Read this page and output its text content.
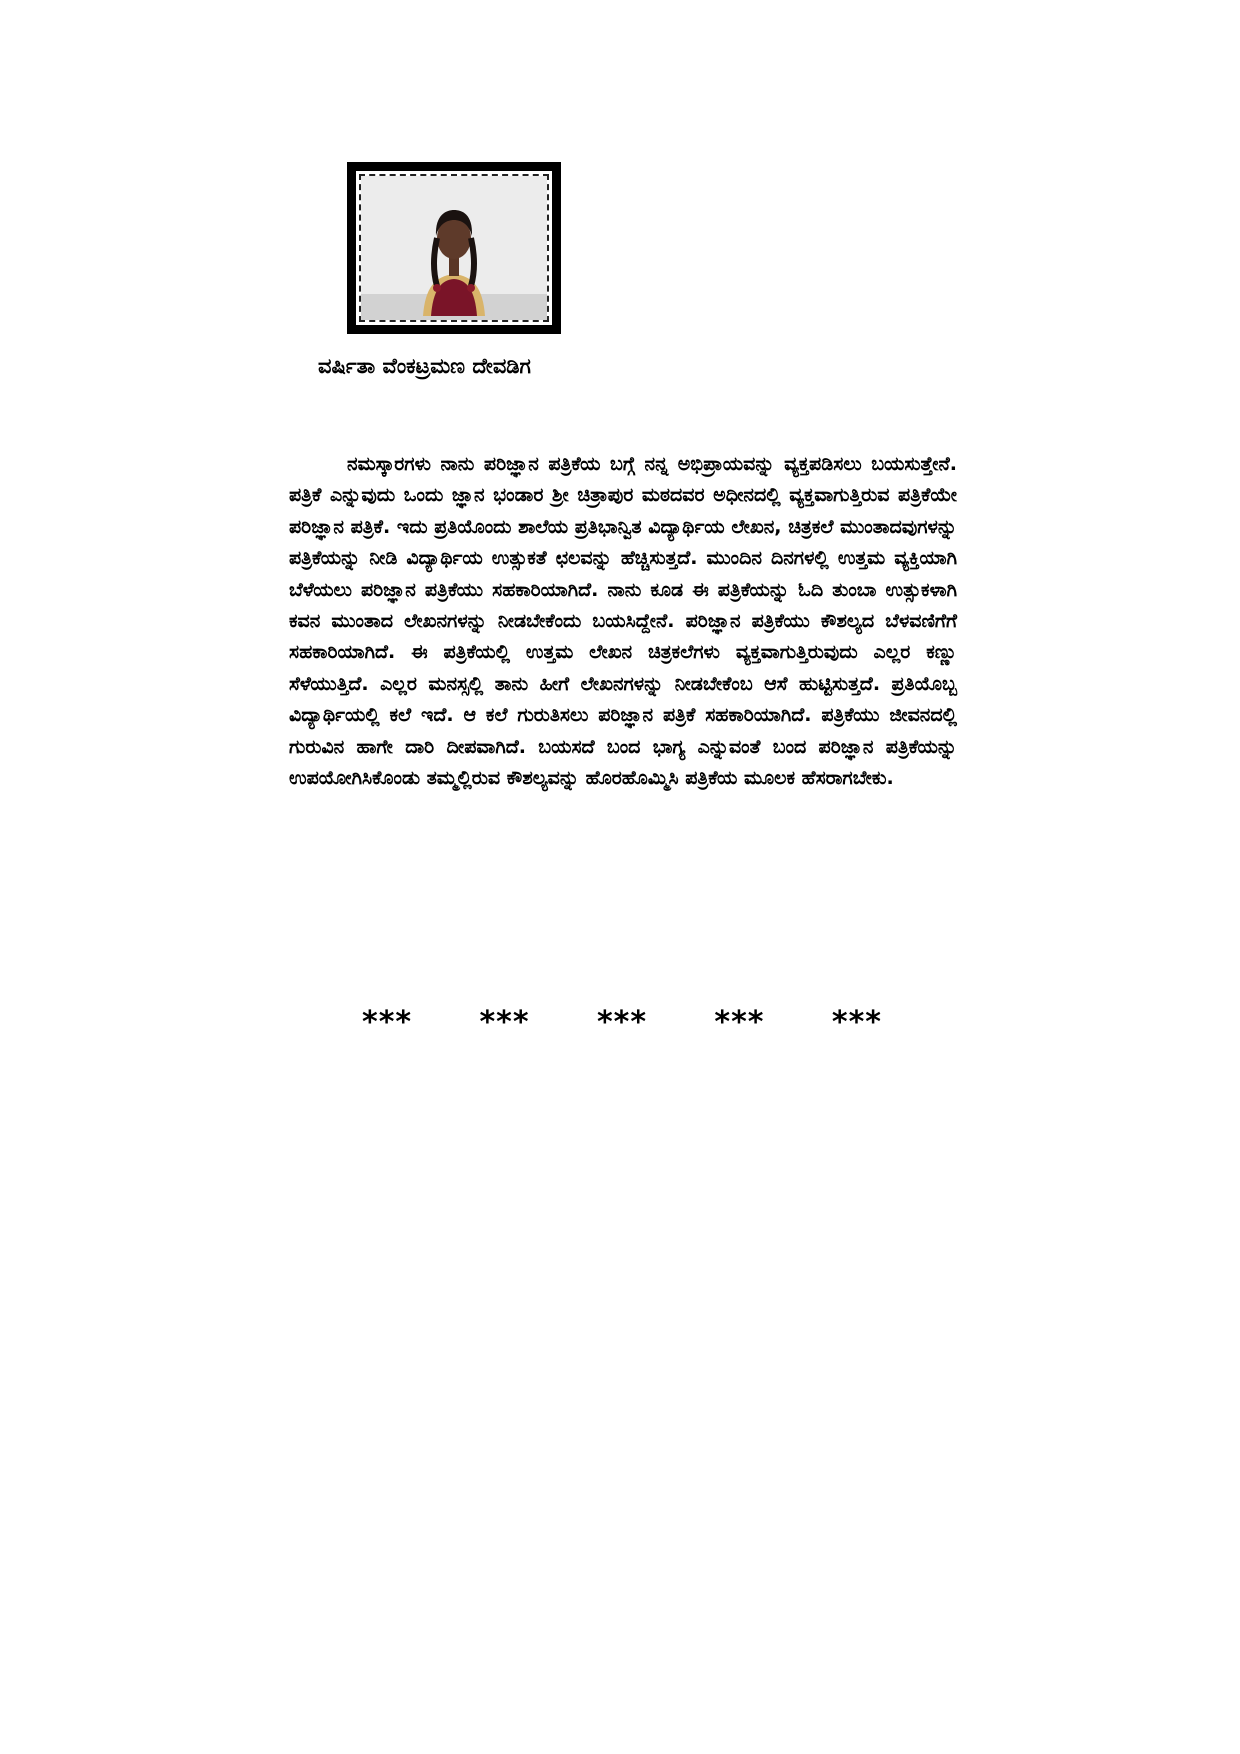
ವರ್ಷಿತಾ ವೆಂಕಟ್ರಮಣ ದೇವಡಿಗ

ನಮಸ್ಕಾರಗಳು ನಾನು ಪರಿಜ್ಞಾನ ಪತ್ರಿಕೆಯ ಬಗ್ಗೆ ನನ್ನ ಅಭಿಪ್ರಾಯವನ್ನು ವ್ಯಕ್ತಪಡಿಸಲು ಬಯಸುತ್ತೇನೆ. ಪತ್ರಿಕೆ ಎನ್ನುವುದು ಒಂದು ಜ್ಞಾನ ಭಂಡಾರ ಶ್ರೀ ಚಿತ್ರಾಪುರ ಮಠದವರ ಅಧೀನದಲ್ಲಿ ವ್ಯಕ್ತವಾಗುತ್ತಿರುವ ಪತ್ರಿಕೆಯೇ ಪರಿಜ್ಞಾನ ಪತ್ರಿಕೆ. ಇದು ಪ್ರತಿಯೊಂದು ಶಾಲೆಯ ಪ್ರತಿಭಾನ್ವಿತ ವಿದ್ಯಾರ್ಥಿಯ ಲೇಖನ, ಚಿತ್ರಕಲೆ ಮುಂತಾದವುಗಳನ್ನು ಪತ್ರಿಕೆಯನ್ನು ನೀಡಿ ವಿದ್ಯಾರ್ಥಿಯ ಉತ್ಸುಕತೆ ಛಲವನ್ನು ಹೆಚ್ಚಿಸುತ್ತದೆ. ಮುಂದಿನ ದಿನಗಳಲ್ಲಿ ಉತ್ತಮ ವ್ಯಕ್ತಿಯಾಗಿ ಬೆಳೆಯಲು ಪರಿಜ್ಞಾನ ಪತ್ರಿಕೆಯು ಸಹಕಾರಿಯಾಗಿದೆ. ನಾನು ಕೂಡ ಈ ಪತ್ರಿಕೆಯನ್ನು ಓದಿ ತುಂಬಾ ಉತ್ಸುಕಳಾಗಿ ಕವನ ಮುಂತಾದ ಲೇಖನಗಳನ್ನು ನೀಡಬೇಕೆಂದು ಬಯಸಿದ್ದೇನೆ. ಪರಿಜ್ಞಾನ ಪತ್ರಿಕೆಯು ಕೌಶಲ್ಯದ ಬೆಳವಣಿಗೆಗೆ ಸಹಕಾರಿಯಾಗಿದೆ. ಈ ಪತ್ರಿಕೆಯಲ್ಲಿ ಉತ್ತಮ ಲೇಖನ ಚಿತ್ರಕಲೆಗಳು ವ್ಯಕ್ತವಾಗುತ್ತಿರುವುದು ಎಲ್ಲರ ಕಣ್ಣು ಸೆಳೆಯುತ್ತಿದೆ. ಎಲ್ಲರ ಮನಸ್ಸಲ್ಲಿ ತಾನು ಹೀಗೆ ಲೇಖನಗಳನ್ನು ನೀಡಬೇಕೆಂಬ ಆಸೆ ಹುಟ್ಟಿಸುತ್ತದೆ. ಪ್ರತಿಯೊಬ್ಬ ವಿದ್ಯಾರ್ಥಿಯಲ್ಲಿ ಕಲೆ ಇದೆ. ಆ ಕಲೆ ಗುರುತಿಸಲು ಪರಿಜ್ಞಾನ ಪತ್ರಿಕೆ ಸಹಕಾರಿಯಾಗಿದೆ. ಪತ್ರಿಕೆಯು ಜೀವನದಲ್ಲಿ ಗುರುವಿನ ಹಾಗೇ ದಾರಿ ದೀಪವಾಗಿದೆ. ಬಯಸದೆ ಬಂದ ಭಾಗ್ಯ ಎನ್ನುವಂತೆ ಬಂದ ಪರಿಜ್ಞಾನ ಪತ್ರಿಕೆಯನ್ನು ಉಪಯೋಗಿಸಿಕೊಂಡು ತಮ್ಮಲ್ಲಿರುವ ಕೌಶಲ್ಯವನ್ನು ಹೊರಹೊಮ್ಮಿಸಿ ಪತ್ರಿಕೆಯ ಮೂಲಕ ಹೆಸರಾಗಬೇಕು.

*** *** *** *** ***
